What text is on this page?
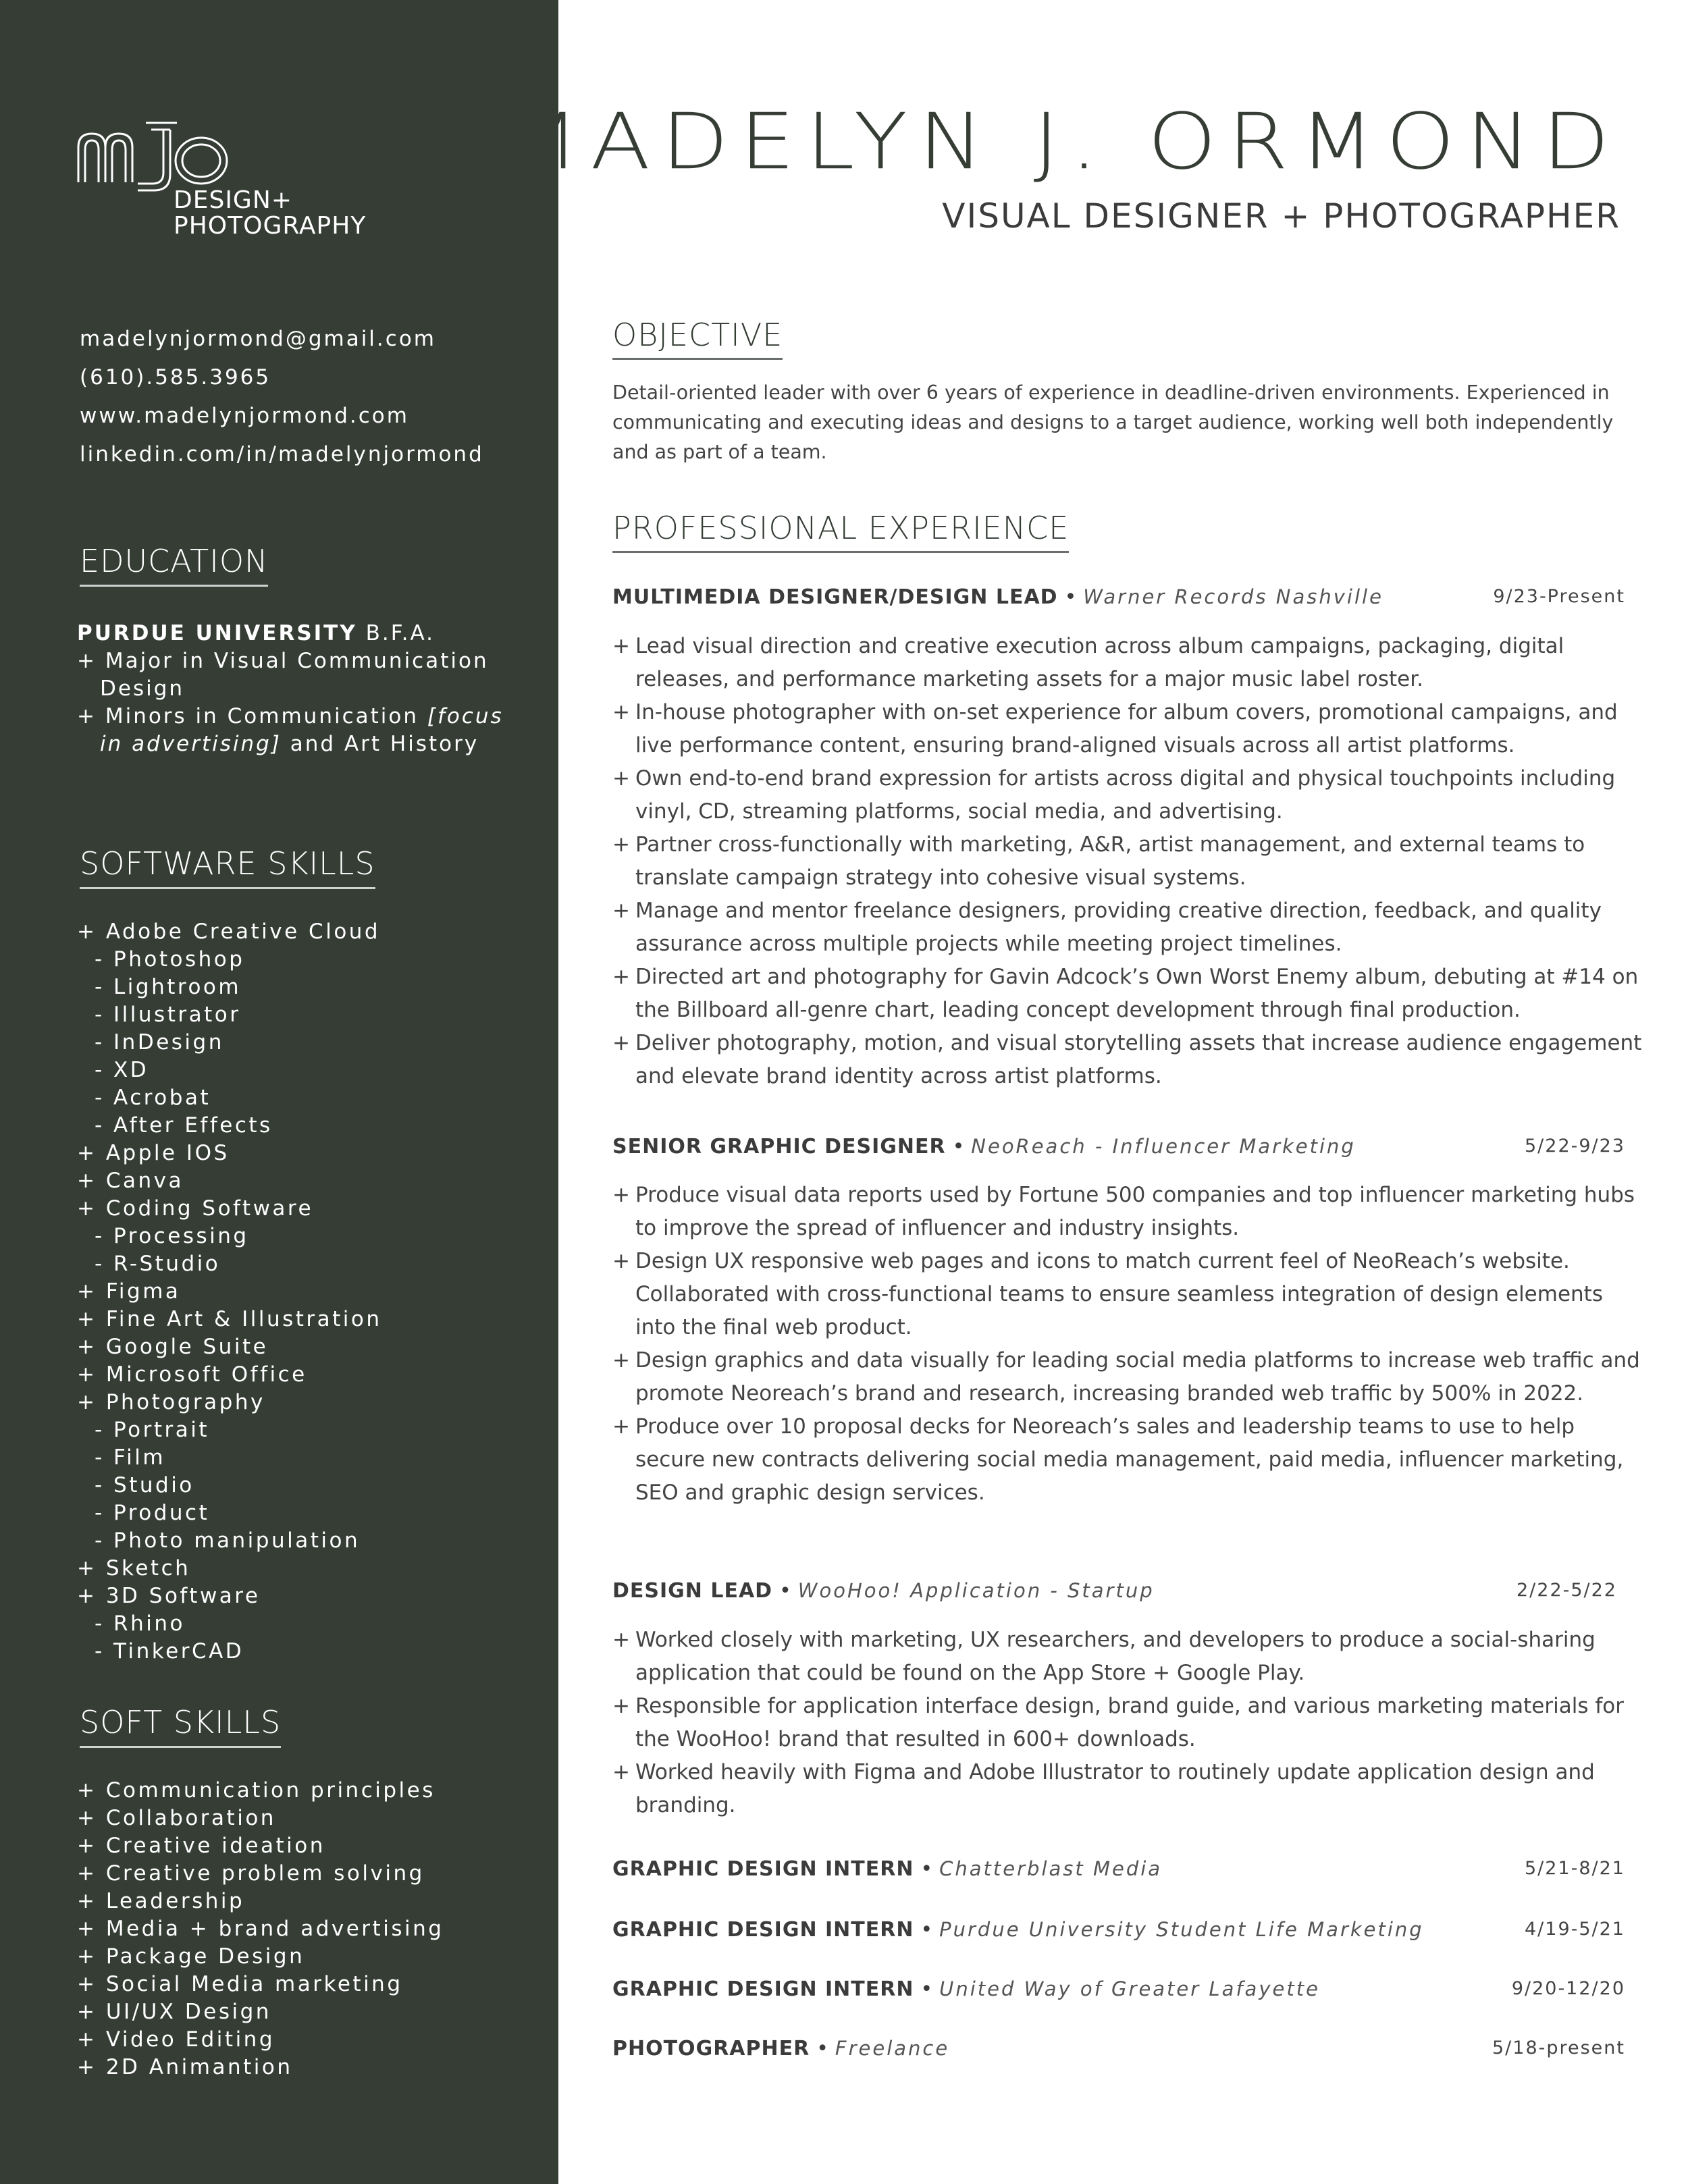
DESIGN+
PHOTOGRAPHY
madelynjormond@gmail.com
(610).585.3965
www.madelynjormond.com
linkedin.com/in/madelynjormond
EDUCATION
PURDUE UNIVERSITY B.F.A.
+ Major in Visual Communication
Design
+ Minors in Communication [focus
in advertising] and Art History
SOFTWARE SKILLS
+ Adobe Creative Cloud
- Photoshop
- Lightroom
- Illustrator
- InDesign
- XD
- Acrobat
- After Effects
+ Apple IOS
+ Canva
+ Coding Software
- Processing
- R-Studio
+ Figma
+ Fine Art & Illustration
+ Google Suite
+ Microsoft Office
+ Photography
- Portrait
- Film
- Studio
- Product
- Photo manipulation
+ Sketch
+ 3D Software
- Rhino
- TinkerCAD
SOFT SKILLS
+ Communication principles
+ Collaboration
+ Creative ideation
+ Creative problem solving
+ Leadership
+ Media + brand advertising
+ Package Design
+ Social Media marketing
+ UI/UX Design
+ Video Editing
+ 2D Animantion
MADELYN J. ORMOND
VISUAL DESIGNER + PHOTOGRAPHER
OBJECTIVE
Detail-oriented leader with over 6 years of experience in deadline-driven environments. Experienced in communicating and executing ideas and designs to a target audience, working well both independently and as part of a team.
PROFESSIONAL EXPERIENCE
MULTIMEDIA DESIGNER/DESIGN LEAD • Warner Records Nashville	9/23-Present
+ Lead visual direction and creative execution across album campaigns, packaging, digital releases, and performance marketing assets for a major music label roster.
+ In-house photographer with on-set experience for album covers, promotional campaigns, and live performance content, ensuring brand-aligned visuals across all artist platforms.
+ Own end-to-end brand expression for artists across digital and physical touchpoints including vinyl, CD, streaming platforms, social media, and advertising.
+ Partner cross-functionally with marketing, A&R, artist management, and external teams to translate campaign strategy into cohesive visual systems.
+ Manage and mentor freelance designers, providing creative direction, feedback, and quality assurance across multiple projects while meeting project timelines.
+ Directed art and photography for Gavin Adcock’s Own Worst Enemy album, debuting at #14 on the Billboard all-genre chart, leading concept development through final production.
+ Deliver photography, motion, and visual storytelling assets that increase audience engagement and elevate brand identity across artist platforms.
SENIOR GRAPHIC DESIGNER • NeoReach - Influencer Marketing	5/22-9/23
+ Produce visual data reports used by Fortune 500 companies and top influencer marketing hubs to improve the spread of influencer and industry insights.
+ Design UX responsive web pages and icons to match current feel of NeoReach’s website. Collaborated with cross-functional teams to ensure seamless integration of design elements into the final web product.
+ Design graphics and data visually for leading social media platforms to increase web traffic and promote Neoreach’s brand and research, increasing branded web traffic by 500% in 2022.
+ Produce over 10 proposal decks for Neoreach’s sales and leadership teams to use to help secure new contracts delivering social media management, paid media, influencer marketing, SEO and graphic design services.
DESIGN LEAD • WooHoo! Application - Startup	2/22-5/22
+ Worked closely with marketing, UX researchers, and developers to produce a social-sharing application that could be found on the App Store + Google Play.
+ Responsible for application interface design, brand guide, and various marketing materials for the WooHoo! brand that resulted in 600+ downloads.
+ Worked heavily with Figma and Adobe Illustrator to routinely update application design and branding.
GRAPHIC DESIGN INTERN • Chatterblast Media	5/21-8/21
GRAPHIC DESIGN INTERN • Purdue University Student Life Marketing	4/19-5/21
GRAPHIC DESIGN INTERN • United Way of Greater Lafayette	9/20-12/20
PHOTOGRAPHER • Freelance	5/18-present
